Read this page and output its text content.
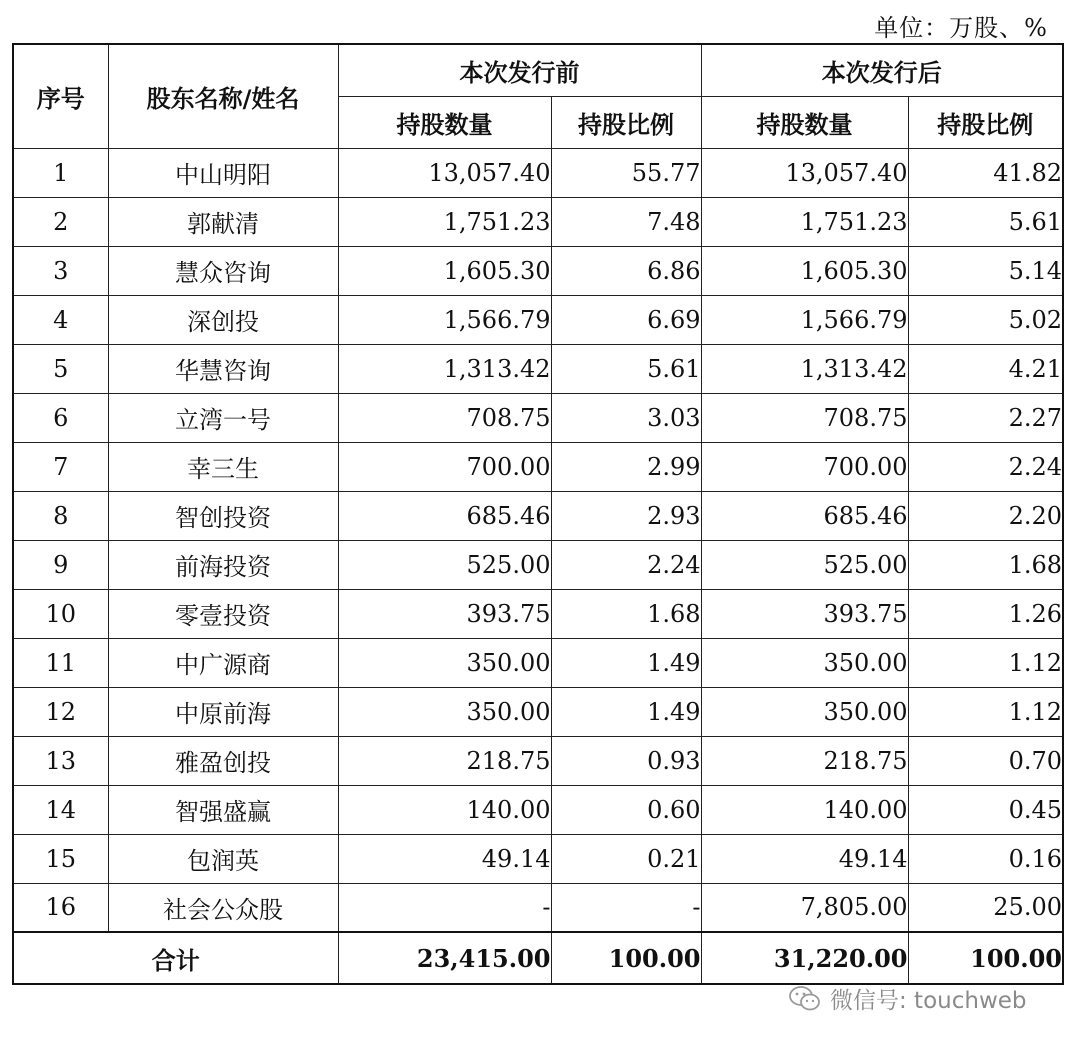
单位：万股、%
序号	股东名称/姓名	本次发行前		本次发行后	
		持股数量	持股比例	持股数量	持股比例
1	中山明阳	13,057.40	55.77	13,057.40	41.82
2	郭献清	1,751.23	7.48	1,751.23	5.61
3	慧众咨询	1,605.30	6.86	1,605.30	5.14
4	深创投	1,566.79	6.69	1,566.79	5.02
5	华慧咨询	1,313.42	5.61	1,313.42	4.21
6	立湾一号	708.75	3.03	708.75	2.27
7	幸三生	700.00	2.99	700.00	2.24
8	智创投资	685.46	2.93	685.46	2.20
9	前海投资	525.00	2.24	525.00	1.68
10	零壹投资	393.75	1.68	393.75	1.26
11	中广源商	350.00	1.49	350.00	1.12
12	中原前海	350.00	1.49	350.00	1.12
13	雅盈创投	218.75	0.93	218.75	0.70
14	智强盛赢	140.00	0.60	140.00	0.45
15	包润英	49.14	0.21	49.14	0.16
16	社会公众股	-	-	7,805.00	25.00
合计		23,415.00	100.00	31,220.00	100.00
微信号: touchweb
